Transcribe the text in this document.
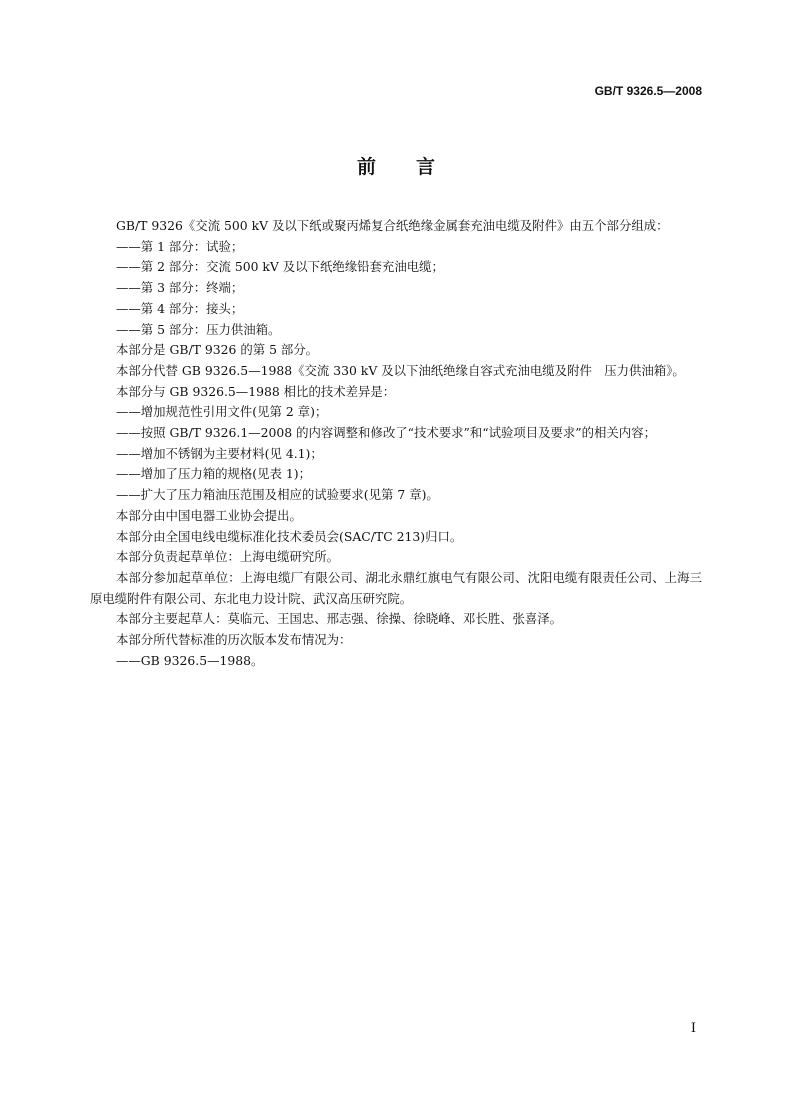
GB/T 9326.5—2008
前言

GB/T 9326《交流 500 kV 及以下纸或聚丙烯复合纸绝缘金属套充油电缆及附件》由五个部分组成：

——第 1 部分：试验；

——第 2 部分：交流 500 kV 及以下纸绝缘铅套充油电缆；

——第 3 部分：终端；

——第 4 部分：接头；

——第 5 部分：压力供油箱。

本部分是 GB/T 9326 的第 5 部分。

本部分代替 GB 9326.5—1988《交流 330 kV 及以下油纸绝缘自容式充油电缆及附件　压力供油箱》。

本部分与 GB 9326.5—1988 相比的技术差异是：

——增加规范性引用文件(见第 2 章)；

——按照 GB/T 9326.1—2008 的内容调整和修改了“技术要求”和“试验项目及要求”的相关内容；

——增加不锈钢为主要材料(见 4.1)；

——增加了压力箱的规格(见表 1)；

——扩大了压力箱油压范围及相应的试验要求(见第 7 章)。

本部分由中国电器工业协会提出。

本部分由全国电线电缆标准化技术委员会(SAC/TC 213)归口。

本部分负责起草单位：上海电缆研究所。

本部分参加起草单位：上海电缆厂有限公司、湖北永鼎红旗电气有限公司、沈阳电缆有限责任公司、上海三原电缆附件有限公司、东北电力设计院、武汉高压研究院。

本部分主要起草人：莫临元、王国忠、邢志强、徐操、徐晓峰、邓长胜、张喜泽。

本部分所代替标准的历次版本发布情况为：

——GB 9326.5—1988。

I
